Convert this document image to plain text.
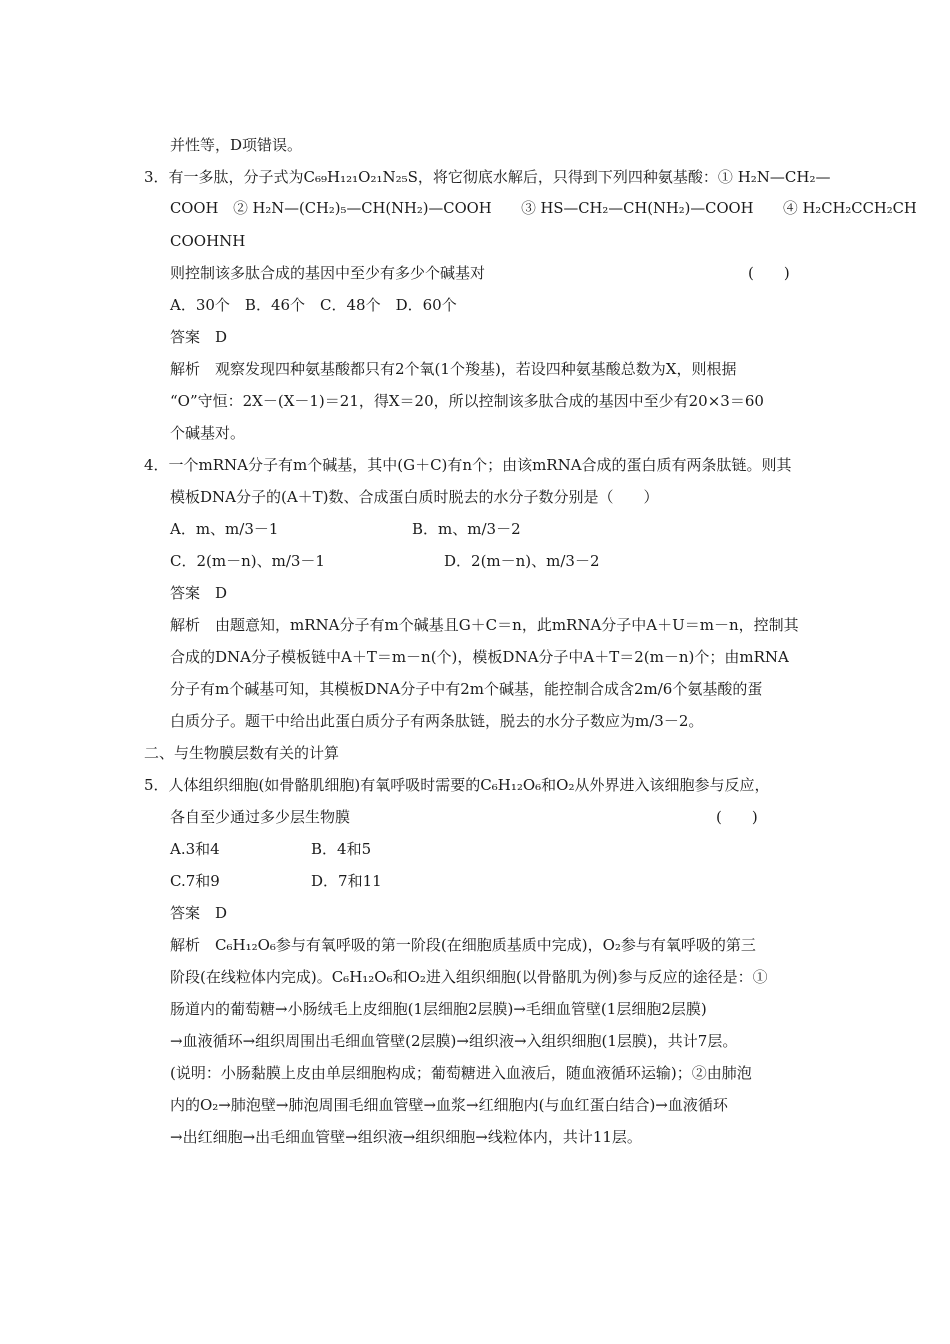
并性等，D项错误。
3．有一多肽，分子式为C₆₉H₁₂₁O₂₁N₂₅S，将它彻底水解后，只得到下列四种氨基酸：① H₂N—CH₂—
COOH　② H₂N—(CH₂)₅—CH(NH₂)—COOH　　③ HS—CH₂—CH(NH₂)—COOH　　④ H₂CH₂CCH₂CH
COOHNH
则控制该多肽合成的基因中至少有多少个碱基对	(　　)
A．30个　B．46个　C．48个　D．60个
答案　D
解析　观察发现四种氨基酸都只有2个氧(1个羧基)，若设四种氨基酸总数为X，则根据
“O”守恒：2X－(X－1)＝21，得X＝20，所以控制该多肽合成的基因中至少有20×3＝60
个碱基对。
4．一个mRNA分子有m个碱基，其中(G＋C)有n个；由该mRNA合成的蛋白质有两条肽链。则其
模板DNA分子的(A＋T)数、合成蛋白质时脱去的水分子数分别是（　　）
A．m、m/3－1	B．m、m/3－2
C．2(m－n)、m/3－1	D．2(m－n)、m/3－2
答案　D
解析　由题意知，mRNA分子有m个碱基且G＋C＝n，此mRNA分子中A＋U＝m－n，控制其
合成的DNA分子模板链中A＋T＝m－n(个)，模板DNA分子中A＋T＝2(m－n)个；由mRNA
分子有m个碱基可知，其模板DNA分子中有2m个碱基，能控制合成含2m/6个氨基酸的蛋
白质分子。题干中给出此蛋白质分子有两条肽链，脱去的水分子数应为m/3－2。
二、与生物膜层数有关的计算
5．人体组织细胞(如骨骼肌细胞)有氧呼吸时需要的C₆H₁₂O₆和O₂从外界进入该细胞参与反应，
各自至少通过多少层生物膜	(　　)
A.3和4	B．4和5
C.7和9	D．7和11
答案　D
解析　C₆H₁₂O₆参与有氧呼吸的第一阶段(在细胞质基质中完成)，O₂参与有氧呼吸的第三
阶段(在线粒体内完成)。C₆H₁₂O₆和O₂进入组织细胞(以骨骼肌为例)参与反应的途径是：①
肠道内的葡萄糖→小肠绒毛上皮细胞(1层细胞2层膜)→毛细血管壁(1层细胞2层膜)
→血液循环→组织周围出毛细血管壁(2层膜)→组织液→入组织细胞(1层膜)，共计7层。
(说明：小肠黏膜上皮由单层细胞构成；葡萄糖进入血液后，随血液循环运输)；②由肺泡
内的O₂→肺泡壁→肺泡周围毛细血管壁→血浆→红细胞内(与血红蛋白结合)→血液循环
→出红细胞→出毛细血管壁→组织液→组织细胞→线粒体内，共计11层。
